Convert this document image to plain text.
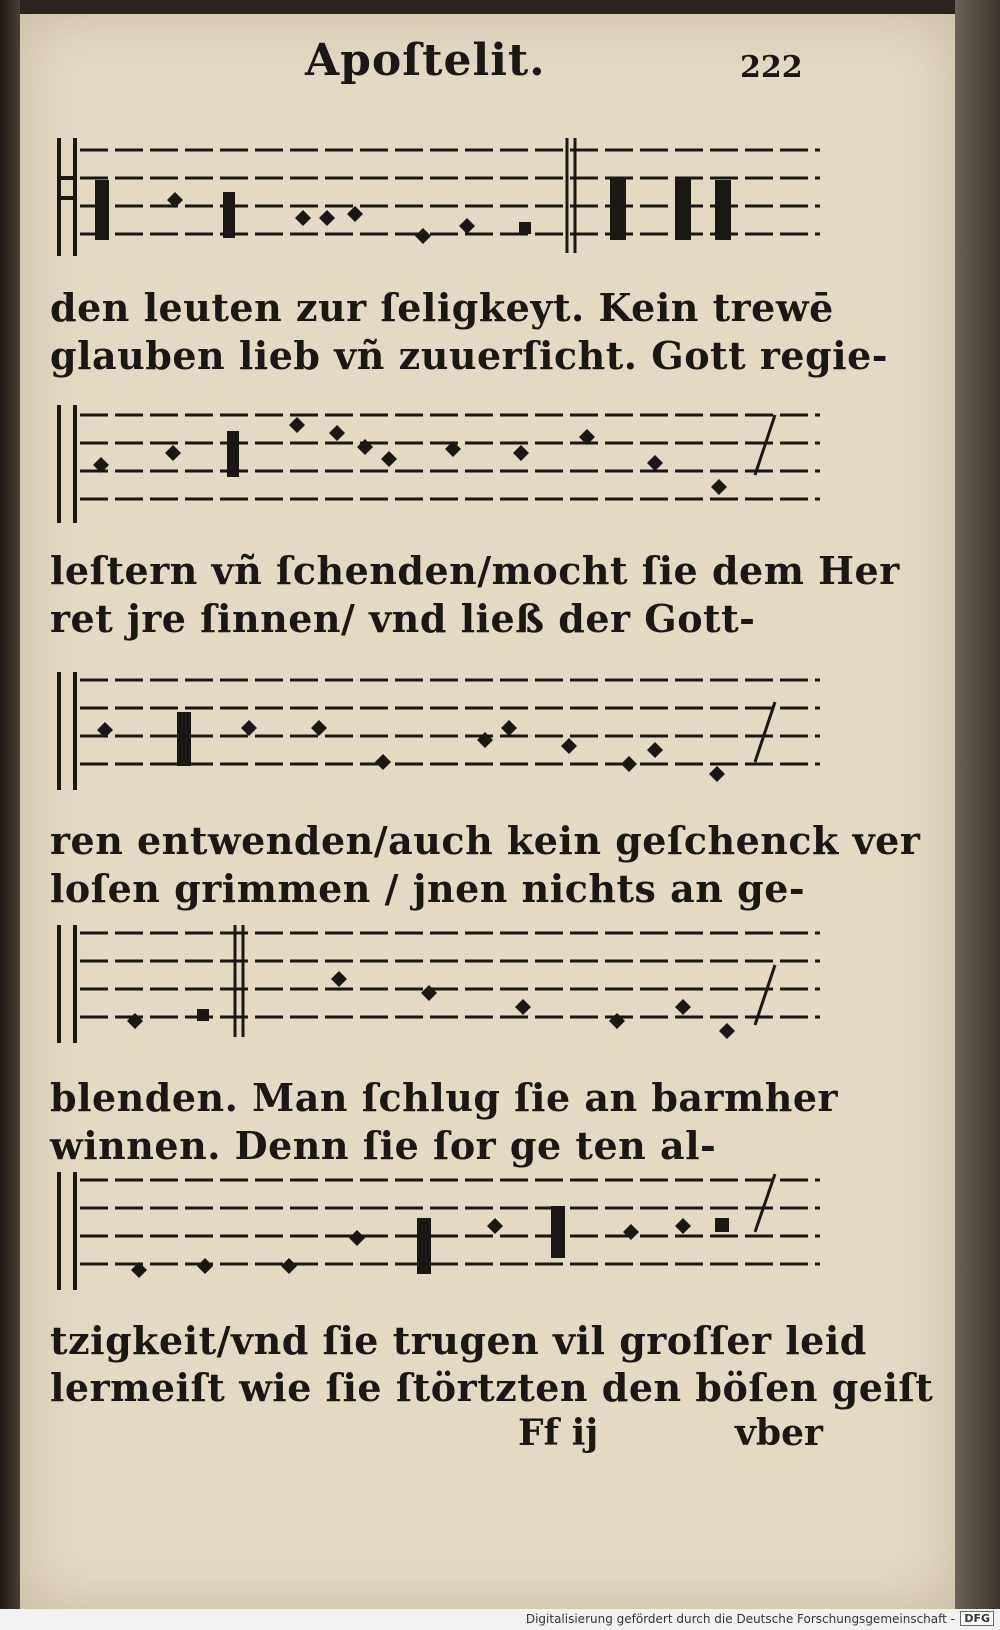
Apoſtelit.	222
den leuten zur ſeligkeyt. Kein trewē
glauben lieb vñ zuuerſicht. Gott regie-
leſtern vñ ſchenden/mocht ſie dem Her
ret jre ſinnen/ vnd ließ der Gott-
ren entwenden/auch kein geſchenck ver
loſen grimmen / jnen nichts an ge-
blenden. Man ſchlug ſie an barmher
winnen. Denn ſie ſor ge ten al-
tzigkeit/vnd ſie trugen vil groſſer leid
lermeiſt wie ſie ſtörtzten den böſen geiſt
Ff ij	vber
Digitalisierung gefördert durch die Deutsche Forschungsgemeinschaft - DFG
